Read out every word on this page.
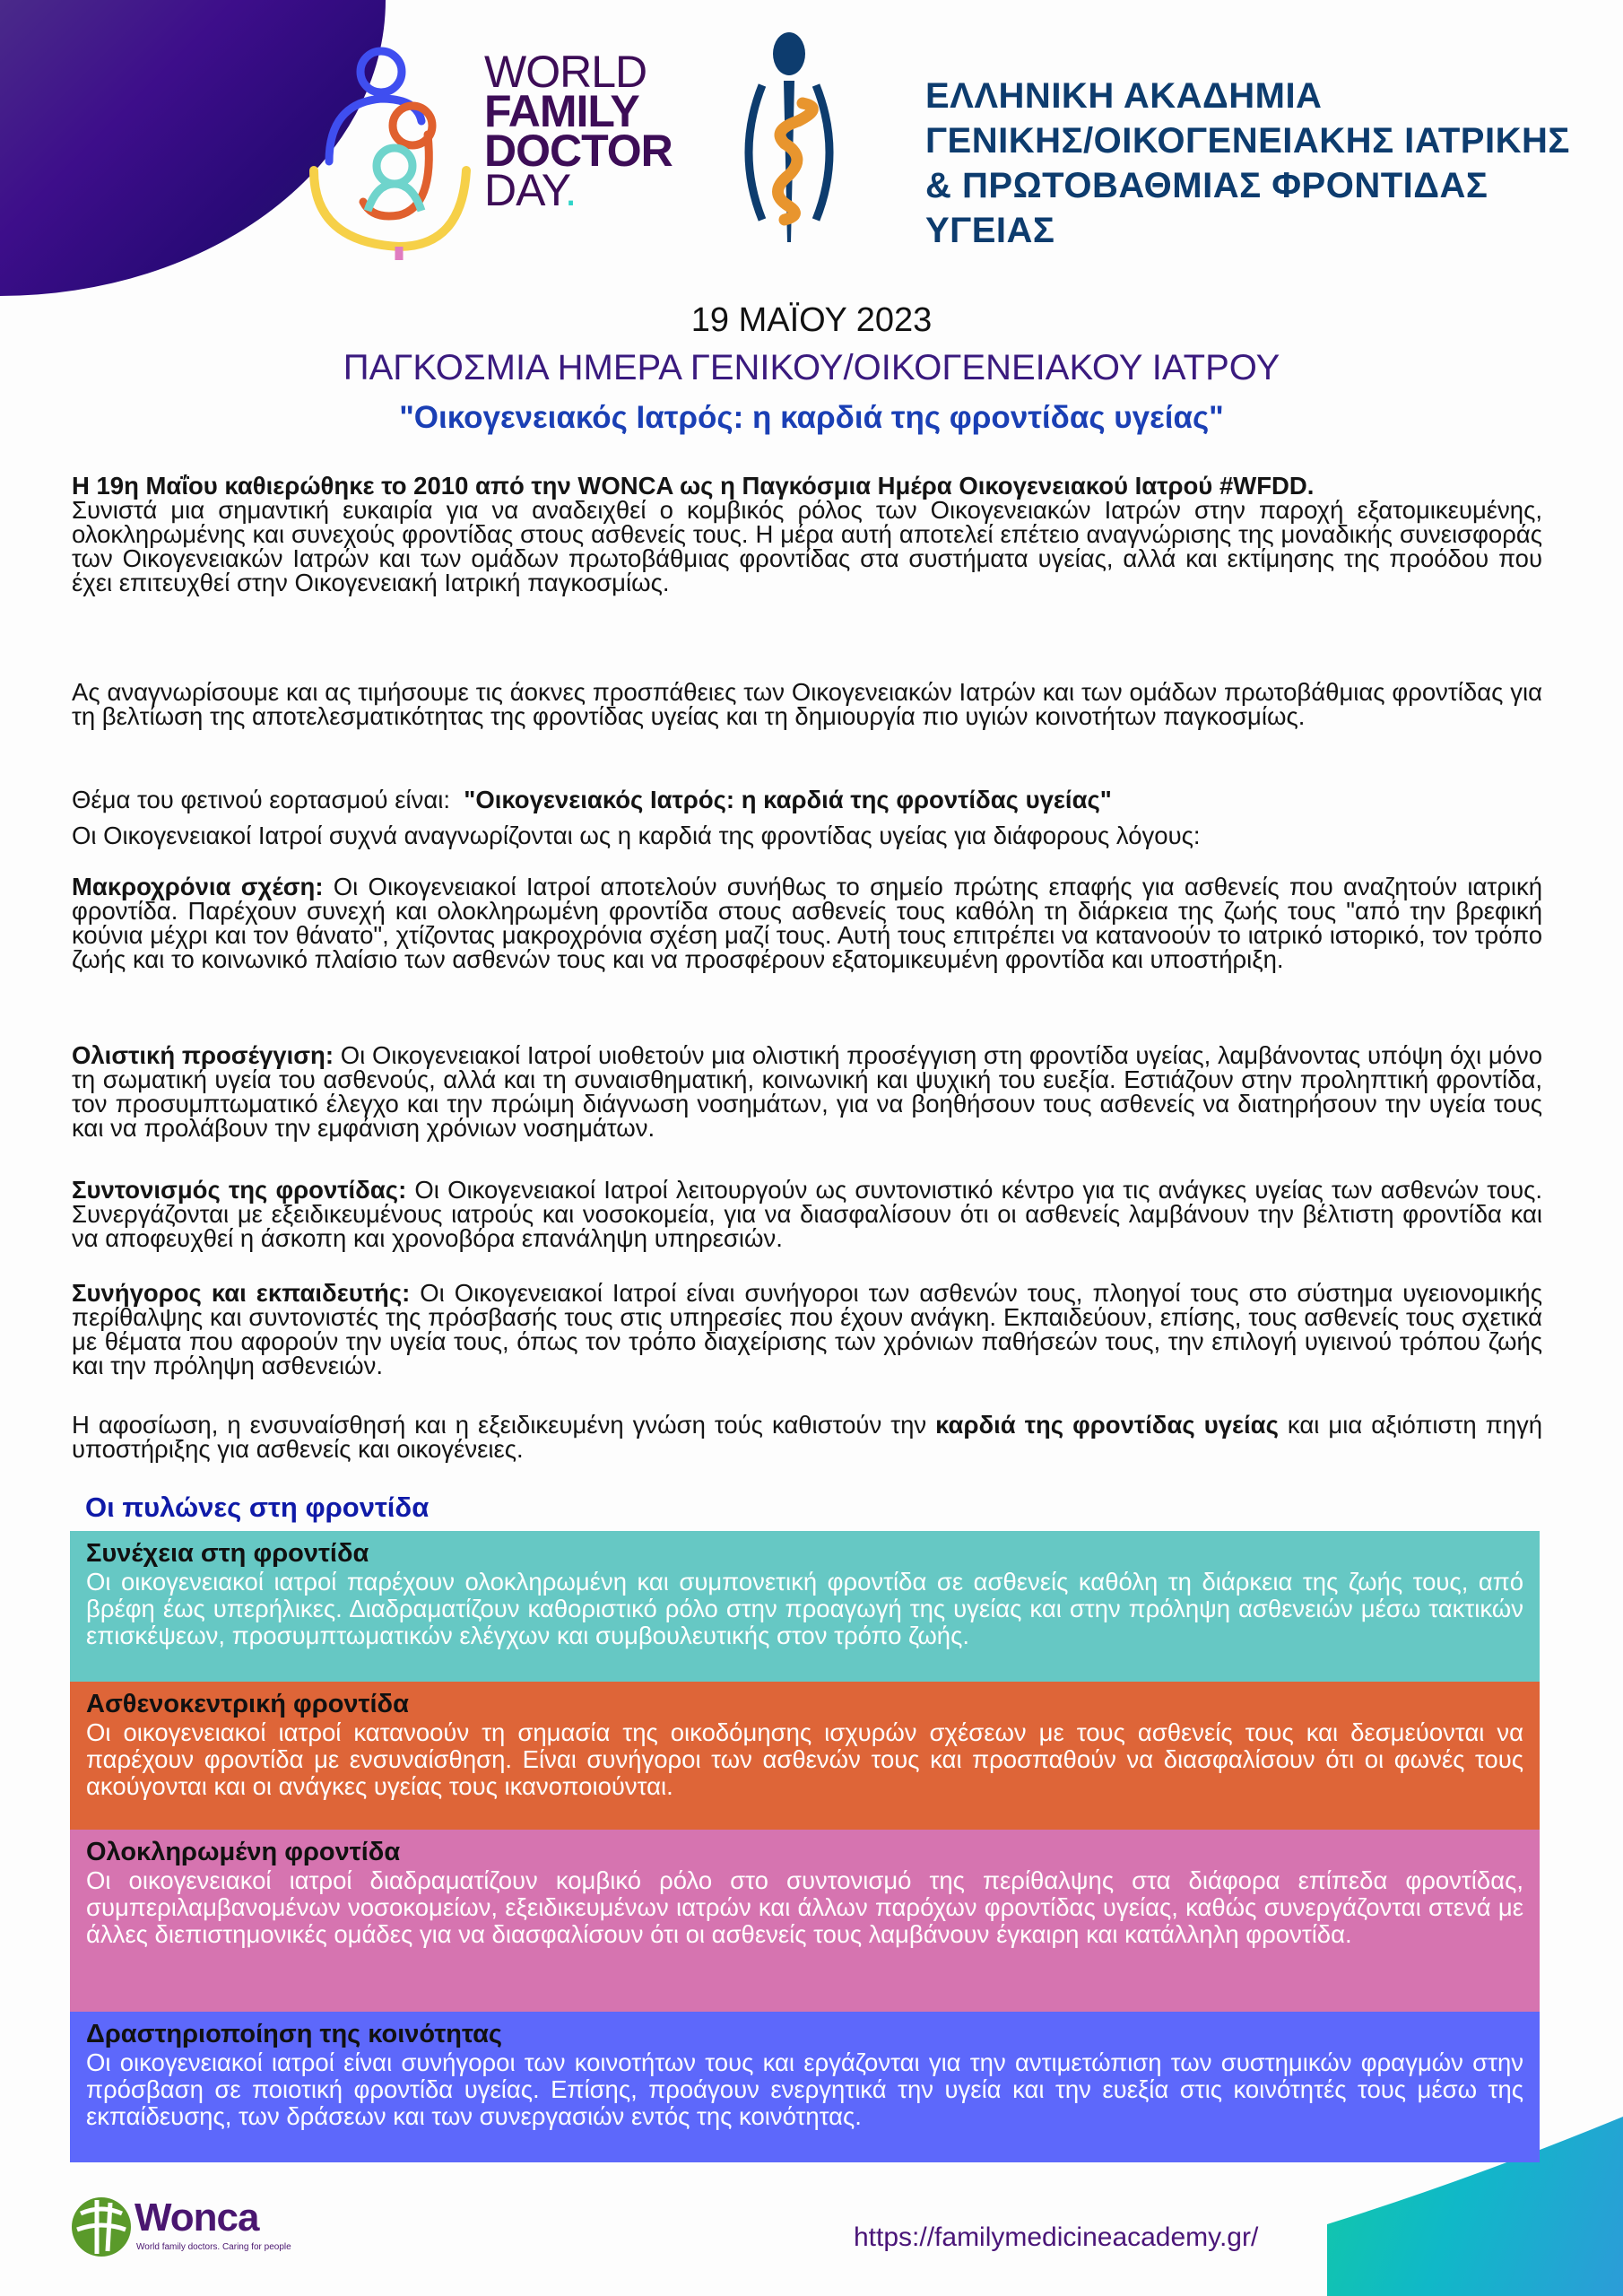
WORLD
FAMILY
DOCTOR
DAY.
ΕΛΛΗΝΙΚΗ ΑΚΑΔΗΜΙΑ
ΓΕΝΙΚΗΣ/ΟΙΚΟΓΕΝΕΙΑΚΗΣ ΙΑΤΡΙΚΗΣ
& ΠΡΩΤΟΒΑΘΜΙΑΣ ΦΡΟΝΤΙΔΑΣ ΥΓΕΙΑΣ
19 ΜΑΪΟΥ 2023
ΠΑΓΚΟΣΜΙΑ ΗΜΕΡΑ ΓΕΝΙΚΟΥ/ΟΙΚΟΓΕΝΕΙΑΚΟΥ ΙΑΤΡΟΥ
"Οικογενειακός Ιατρός: η καρδιά της φροντίδας υγείας"

Η 19η Μαΐου καθιερώθηκε το 2010 από την WONCA ως η Παγκόσμια Ημέρα Οικογενειακού Ιατρού #WFDD.

Συνιστά μια σημαντική ευκαιρία για να αναδειχθεί ο κομβικός ρόλος των Οικογενειακών Ιατρών στην παροχή εξατομικευμένης, ολοκληρωμένης και συνεχούς φροντίδας στους ασθενείς τους. Η μέρα αυτή αποτελεί επέτειο αναγνώρισης της μοναδικής συνεισφοράς των Οικογενειακών Ιατρών και των ομάδων πρωτοβάθμιας φροντίδας στα συστήματα υγείας, αλλά και εκτίμησης της προόδου που έχει επιτευχθεί στην Οικογενειακή Ιατρική παγκοσμίως.

Ας αναγνωρίσουμε και ας τιμήσουμε τις άοκνες προσπάθειες των Οικογενειακών Ιατρών και των ομάδων πρωτοβάθμιας φροντίδας για τη βελτίωση της αποτελεσματικότητας της φροντίδας υγείας και τη δημιουργία πιο υγιών κοινοτήτων παγκοσμίως.

Θέμα του φετινού εορτασμού είναι: "Οικογενειακός Ιατρός: η καρδιά της φροντίδας υγείας"
Οι Οικογενειακοί Ιατροί συχνά αναγνωρίζονται ως η καρδιά της φροντίδας υγείας για διάφορους λόγους:
Μακροχρόνια σχέση: Οι Οικογενειακοί Ιατροί αποτελούν συνήθως το σημείο πρώτης επαφής για ασθενείς που αναζητούν ιατρική φροντίδα. Παρέχουν συνεχή και ολοκληρωμένη φροντίδα στους ασθενείς τους καθόλη τη διάρκεια της ζωής τους "από την βρεφική κούνια μέχρι και τον θάνατο", χτίζοντας μακροχρόνια σχέση μαζί τους. Αυτή τους επιτρέπει να κατανοούν το ιατρικό ιστορικό, τον τρόπο ζωής και το κοινωνικό πλαίσιο των ασθενών τους και να προσφέρουν εξατομικευμένη φροντίδα και υποστήριξη.
Ολιστική προσέγγιση: Οι Οικογενειακοί Ιατροί υιοθετούν μια ολιστική προσέγγιση στη φροντίδα υγείας, λαμβάνοντας υπόψη όχι μόνο τη σωματική υγεία του ασθενούς, αλλά και τη συναισθηματική, κοινωνική και ψυχική του ευεξία. Εστιάζουν στην προληπτική φροντίδα, τον προσυμπτωματικό έλεγχο και την πρώιμη διάγνωση νοσημάτων, για να βοηθήσουν τους ασθενείς να διατηρήσουν την υγεία τους και να προλάβουν την εμφάνιση χρόνιων νοσημάτων.
Συντονισμός της φροντίδας: Οι Οικογενειακοί Ιατροί λειτουργούν ως συντονιστικό κέντρο για τις ανάγκες υγείας των ασθενών τους. Συνεργάζονται με εξειδικευμένους ιατρούς και νοσοκομεία, για να διασφαλίσουν ότι οι ασθενείς λαμβάνουν την βέλτιστη φροντίδα και να αποφευχθεί η άσκοπη και χρονοβόρα επανάληψη υπηρεσιών.
Συνήγορος και εκπαιδευτής: Οι Οικογενειακοί Ιατροί είναι συνήγοροι των ασθενών τους, πλοηγοί τους στο σύστημα υγειονομικής περίθαλψης και συντονιστές της πρόσβασής τους στις υπηρεσίες που έχουν ανάγκη. Εκπαιδεύουν, επίσης, τους ασθενείς τους σχετικά με θέματα που αφορούν την υγεία τους, όπως τον τρόπο διαχείρισης των χρόνιων παθήσεών τους, την επιλογή υγιεινού τρόπου ζωής και την πρόληψη ασθενειών.
Η αφοσίωση, η ενσυναίσθησή και η εξειδικευμένη γνώση τούς καθιστούν την καρδιά της φροντίδας υγείας και μια αξιόπιστη πηγή υποστήριξης για ασθενείς και οικογένειες.
Οι πυλώνες στη φροντίδα
Συνέχεια στη φροντίδα

Οι οικογενειακοί ιατροί παρέχουν ολοκληρωμένη και συμπονετική φροντίδα σε ασθενείς καθόλη τη διάρκεια της ζωής τους, από βρέφη έως υπερήλικες. Διαδραματίζουν καθοριστικό ρόλο στην προαγωγή της υγείας και στην πρόληψη ασθενειών μέσω τακτικών επισκέψεων, προσυμπτωματικών ελέγχων και συμβουλευτικής στον τρόπο ζωής.

Ασθενοκεντρική φροντίδα

Οι οικογενειακοί ιατροί κατανοούν τη σημασία της οικοδόμησης ισχυρών σχέσεων με τους ασθενείς τους και δεσμεύονται να παρέχουν φροντίδα με ενσυναίσθηση. Είναι συνήγοροι των ασθενών τους και προσπαθούν να διασφαλίσουν ότι οι φωνές τους ακούγονται και οι ανάγκες υγείας τους ικανοποιούνται.

Ολοκληρωμένη φροντίδα

Οι οικογενειακοί ιατροί διαδραματίζουν κομβικό ρόλο στο συντονισμό της περίθαλψης στα διάφορα επίπεδα φροντίδας, συμπεριλαμβανομένων νοσοκομείων, εξειδικευμένων ιατρών και άλλων παρόχων φροντίδας υγείας, καθώς συνεργάζονται στενά με άλλες διεπιστημονικές ομάδες για να διασφαλίσουν ότι οι ασθενείς τους λαμβάνουν έγκαιρη και κατάλληλη φροντίδα.

Δραστηριοποίηση της κοινότητας

Οι οικογενειακοί ιατροί είναι συνήγοροι των κοινοτήτων τους και εργάζονται για την αντιμετώπιση των συστημικών φραγμών στην πρόσβαση σε ποιοτική φροντίδα υγείας. Επίσης, προάγουν ενεργητικά την υγεία και την ευεξία στις κοινότητές τους μέσω της εκπαίδευσης, των δράσεων και των συνεργασιών εντός της κοινότητας.

Wonca
World family doctors. Caring for people	https://familymedicineacademy.gr/
